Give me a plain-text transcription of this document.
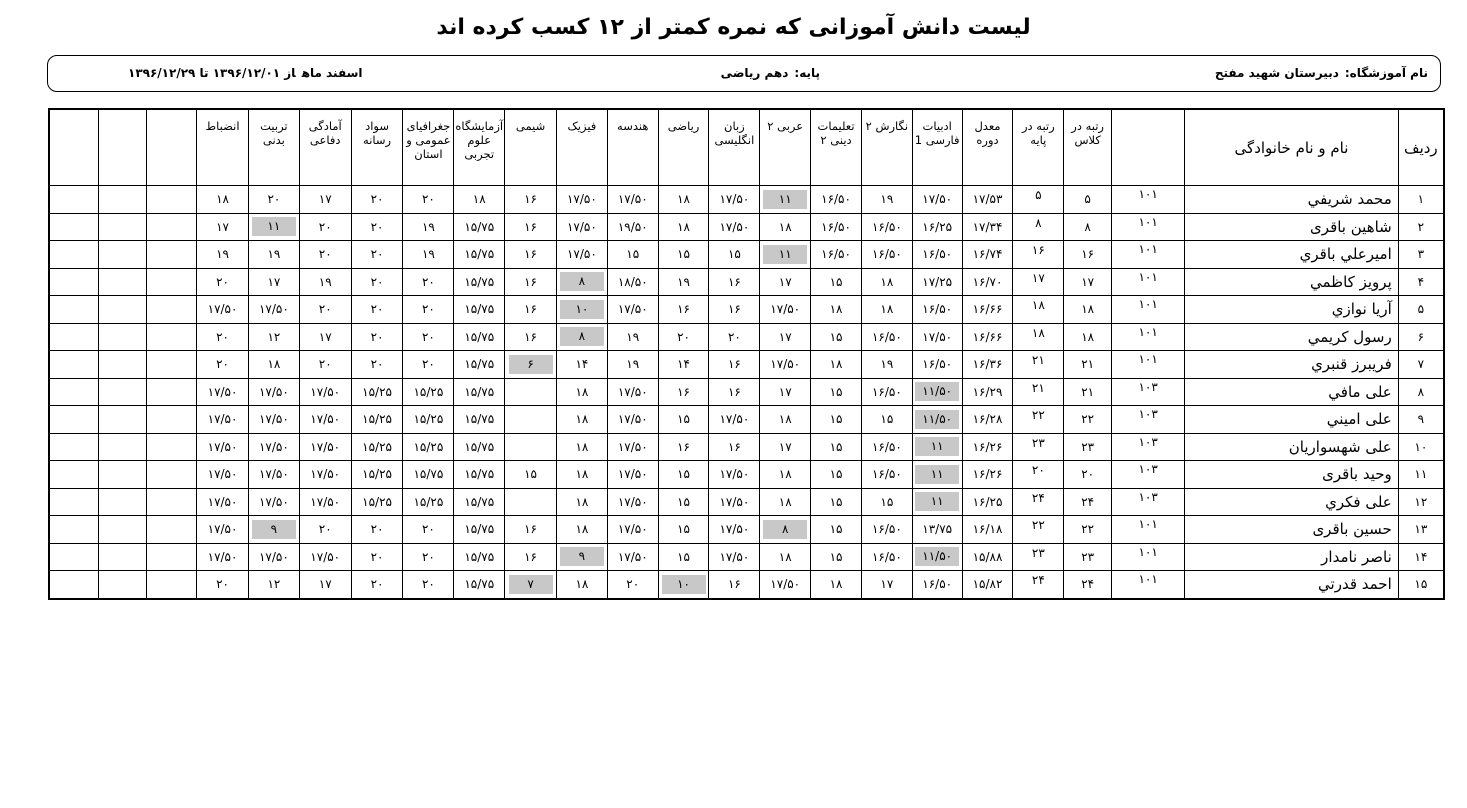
لیست دانش آموزانی که نمره کمتر از ۱۲ کسب کرده اند
نام آموزشگاه:دبیرستان شهید مفتح
پایه:دهم ریاضی
اسفند ماهاز ۱۳۹۶/۱۲/۰۱ تا ۱۳۹۶/۱۲/۲۹
ردیف	نام و نام خانوادگی		رتبه در کلاس	رتبه در پایه	معدل دوره	ادبیات فارسی 1	نگارش ۲	تعلیمات دینی ۲	عربی ۲	زبان انگلیسی	ریاضی	هندسه	فیزیک	شیمی	آزمایشگاه علوم تجربی	جغرافیای عمومی و استان	سواد رسانه	آمادگی دفاعی	تربیت بدنی	انضباط			
۱	محمد شریفي	۱۰۱	۵	۵	۱۷/۵۳	۱۷/۵۰	۱۹	۱۶/۵۰	۱۱	۱۷/۵۰	۱۸	۱۷/۵۰	۱۷/۵۰	۱۶	۱۸	۲۰	۲۰	۱۷	۲۰	۱۸			
۲	شاهین باقری	۱۰۱	۸	۸	۱۷/۳۴	۱۶/۲۵	۱۶/۵۰	۱۶/۵۰	۱۸	۱۷/۵۰	۱۸	۱۹/۵۰	۱۷/۵۰	۱۶	۱۵/۷۵	۱۹	۲۰	۲۰	۱۱	۱۷			
۳	امیرعلي باقري	۱۰۱	۱۶	۱۶	۱۶/۷۴	۱۶/۵۰	۱۶/۵۰	۱۶/۵۰	۱۱	۱۵	۱۵	۱۵	۱۷/۵۰	۱۶	۱۵/۷۵	۱۹	۲۰	۲۰	۱۹	۱۹			
۴	پرویز کاظمي	۱۰۱	۱۷	۱۷	۱۶/۷۰	۱۷/۲۵	۱۸	۱۵	۱۷	۱۶	۱۹	۱۸/۵۰	۸	۱۶	۱۵/۷۵	۲۰	۲۰	۱۹	۱۷	۲۰			
۵	آریا نوازي	۱۰۱	۱۸	۱۸	۱۶/۶۶	۱۶/۵۰	۱۸	۱۸	۱۷/۵۰	۱۶	۱۶	۱۷/۵۰	۱۰	۱۶	۱۵/۷۵	۲۰	۲۰	۲۰	۱۷/۵۰	۱۷/۵۰			
۶	رسول کریمي	۱۰۱	۱۸	۱۸	۱۶/۶۶	۱۷/۵۰	۱۶/۵۰	۱۵	۱۷	۲۰	۲۰	۱۹	۸	۱۶	۱۵/۷۵	۲۰	۲۰	۱۷	۱۲	۲۰			
۷	فریبرز قنبري	۱۰۱	۲۱	۲۱	۱۶/۳۶	۱۶/۵۰	۱۹	۱۸	۱۷/۵۰	۱۶	۱۴	۱۹	۱۴	۶	۱۵/۷۵	۲۰	۲۰	۲۰	۱۸	۲۰			
۸	علی مافي	۱۰۳	۲۱	۲۱	۱۶/۲۹	۱۱/۵۰	۱۶/۵۰	۱۵	۱۷	۱۶	۱۶	۱۷/۵۰	۱۸		۱۵/۷۵	۱۵/۲۵	۱۵/۲۵	۱۷/۵۰	۱۷/۵۰	۱۷/۵۰			
۹	علی اميني	۱۰۳	۲۲	۲۲	۱۶/۲۸	۱۱/۵۰	۱۵	۱۵	۱۸	۱۷/۵۰	۱۵	۱۷/۵۰	۱۸		۱۵/۷۵	۱۵/۲۵	۱۵/۲۵	۱۷/۵۰	۱۷/۵۰	۱۷/۵۰			
۱۰	علی شهسواریان	۱۰۳	۲۳	۲۳	۱۶/۲۶	۱۱	۱۶/۵۰	۱۵	۱۷	۱۶	۱۶	۱۷/۵۰	۱۸		۱۵/۷۵	۱۵/۲۵	۱۵/۲۵	۱۷/۵۰	۱۷/۵۰	۱۷/۵۰			
۱۱	وحید باقری	۱۰۳	۲۰	۲۰	۱۶/۲۶	۱۱	۱۶/۵۰	۱۵	۱۸	۱۷/۵۰	۱۵	۱۷/۵۰	۱۸	۱۵	۱۵/۷۵	۱۵/۷۵	۱۵/۲۵	۱۷/۵۰	۱۷/۵۰	۱۷/۵۰			
۱۲	علی فکري	۱۰۳	۲۴	۲۴	۱۶/۲۵	۱۱	۱۵	۱۵	۱۸	۱۷/۵۰	۱۵	۱۷/۵۰	۱۸		۱۵/۷۵	۱۵/۲۵	۱۵/۲۵	۱۷/۵۰	۱۷/۵۰	۱۷/۵۰			
۱۳	حسین باقری	۱۰۱	۲۲	۲۲	۱۶/۱۸	۱۳/۷۵	۱۶/۵۰	۱۵	۸	۱۷/۵۰	۱۵	۱۷/۵۰	۱۸	۱۶	۱۵/۷۵	۲۰	۲۰	۲۰	۹	۱۷/۵۰			
۱۴	ناصر نامدار	۱۰۱	۲۳	۲۳	۱۵/۸۸	۱۱/۵۰	۱۶/۵۰	۱۵	۱۸	۱۷/۵۰	۱۵	۱۷/۵۰	۹	۱۶	۱۵/۷۵	۲۰	۲۰	۱۷/۵۰	۱۷/۵۰	۱۷/۵۰			
۱۵	احمد قدرتي	۱۰۱	۲۴	۲۴	۱۵/۸۲	۱۶/۵۰	۱۷	۱۸	۱۷/۵۰	۱۶	۱۰	۲۰	۱۸	۷	۱۵/۷۵	۲۰	۲۰	۱۷	۱۲	۲۰			
